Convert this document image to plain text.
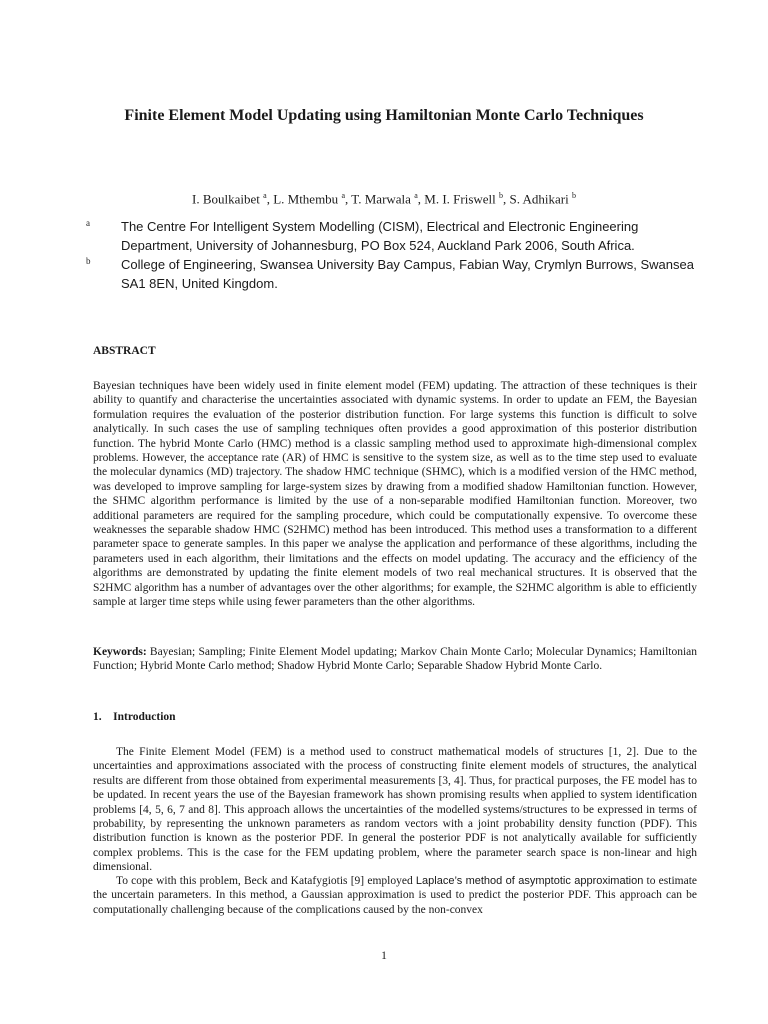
Finite Element Model Updating using Hamiltonian Monte Carlo Techniques

I. Boulkaibet $^a$, L. Mthembu $^a$, T. Marwala $^a$, M. I. Friswell $^b$, S. Adhikari $^b$

a	The Centre For Intelligent System Modelling (CISM), Electrical and Electronic Engineering Department, University of Johannesburg, PO Box 524, Auckland Park 2006, South Africa.
b	College of Engineering, Swansea University Bay Campus, Fabian Way, Crymlyn Burrows, Swansea SA1 8EN, United Kingdom.
ABSTRACT

Bayesian techniques have been widely used in finite element model (FEM) updating. The attraction of these techniques is their ability to quantify and characterise the uncertainties associated with dynamic systems. In order to update an FEM, the Bayesian formulation requires the evaluation of the posterior distribution function. For large systems this function is difficult to solve analytically. In such cases the use of sampling techniques often provides a good approximation of this posterior distribution function. The hybrid Monte Carlo (HMC) method is a classic sampling method used to approximate high-dimensional complex problems. However, the acceptance rate (AR) of HMC is sensitive to the system size, as well as to the time step used to evaluate the molecular dynamics (MD) trajectory. The shadow HMC technique (SHMC), which is a modified version of the HMC method, was developed to improve sampling for large-system sizes by drawing from a modified shadow Hamiltonian function. However, the SHMC algorithm performance is limited by the use of a non-separable modified Hamiltonian function. Moreover, two additional parameters are required for the sampling procedure, which could be computationally expensive. To overcome these weaknesses the separable shadow HMC (S2HMC) method has been introduced. This method uses a transformation to a different parameter space to generate samples. In this paper we analyse the application and performance of these algorithms, including the parameters used in each algorithm, their limitations and the effects on model updating. The accuracy and the efficiency of the algorithms are demonstrated by updating the finite element models of two real mechanical structures. It is observed that the S2HMC algorithm has a number of advantages over the other algorithms; for example, the S2HMC algorithm is able to efficiently sample at larger time steps while using fewer parameters than the other algorithms.

Keywords: Bayesian; Sampling; Finite Element Model updating; Markov Chain Monte Carlo; Molecular Dynamics; Hamiltonian Function; Hybrid Monte Carlo method; Shadow Hybrid Monte Carlo; Separable Shadow Hybrid Monte Carlo.

1.    Introduction

The Finite Element Model (FEM) is a method used to construct mathematical models of structures [1, 2]. Due to the uncertainties and approximations associated with the process of constructing finite element models of structures, the analytical results are different from those obtained from experimental measurements [3, 4]. Thus, for practical purposes, the FE model has to be updated. In recent years the use of the Bayesian framework has shown promising results when applied to system identification problems [4, 5, 6, 7 and 8]. This approach allows the uncertainties of the modelled systems/structures to be expressed in terms of probability, by representing the unknown parameters as random vectors with a joint probability density function (PDF). This distribution function is known as the posterior PDF. In general the posterior PDF is not analytically available for sufficiently complex problems. This is the case for the FEM updating problem, where the parameter search space is non-linear and high dimensional.

To cope with this problem, Beck and Katafygiotis [9] employed Laplace’s method of asymptotic approximation to estimate the uncertain parameters. In this method, a Gaussian approximation is used to predict the posterior PDF. This approach can be computationally challenging because of the complications caused by the non-convex

1
